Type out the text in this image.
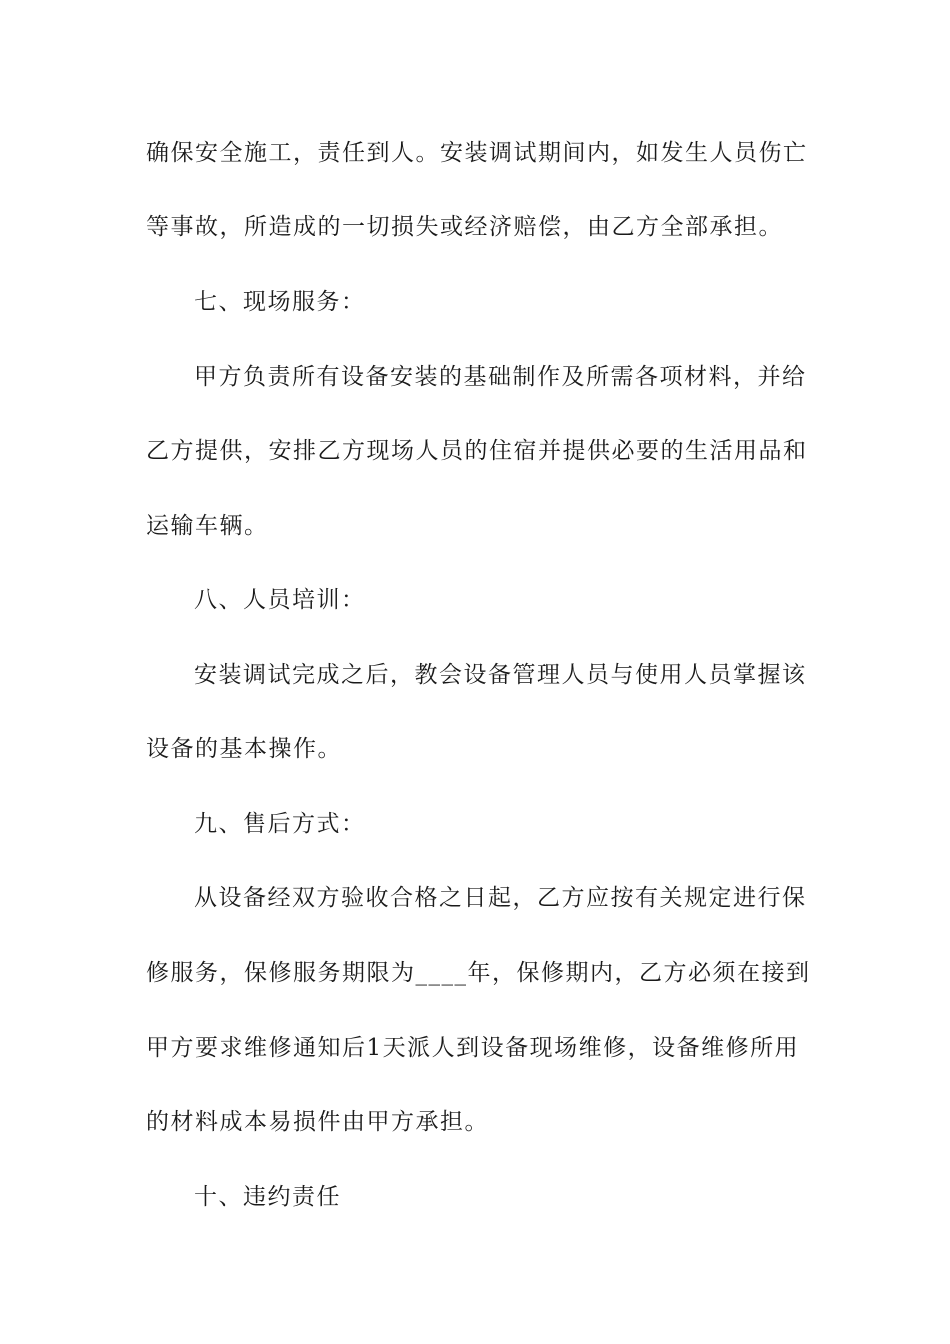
确保安全施工，责任到人。安装调试期间内，如发生人员伤亡
等事故，所造成的一切损失或经济赔偿，由乙方全部承担。
七、现场服务：
甲方负责所有设备安装的基础制作及所需各项材料，并给
乙方提供，安排乙方现场人员的住宿并提供必要的生活用品和
运输车辆。
八、人员培训：
安装调试完成之后，教会设备管理人员与使用人员掌握该
设备的基本操作。
九、售后方式：
从设备经双方验收合格之日起，乙方应按有关规定进行保
修服务，保修服务期限为____年，保修期内，乙方必须在接到
甲方要求维修通知后1天派人到设备现场维修，设备维修所用
的材料成本易损件由甲方承担。
十、违约责任
